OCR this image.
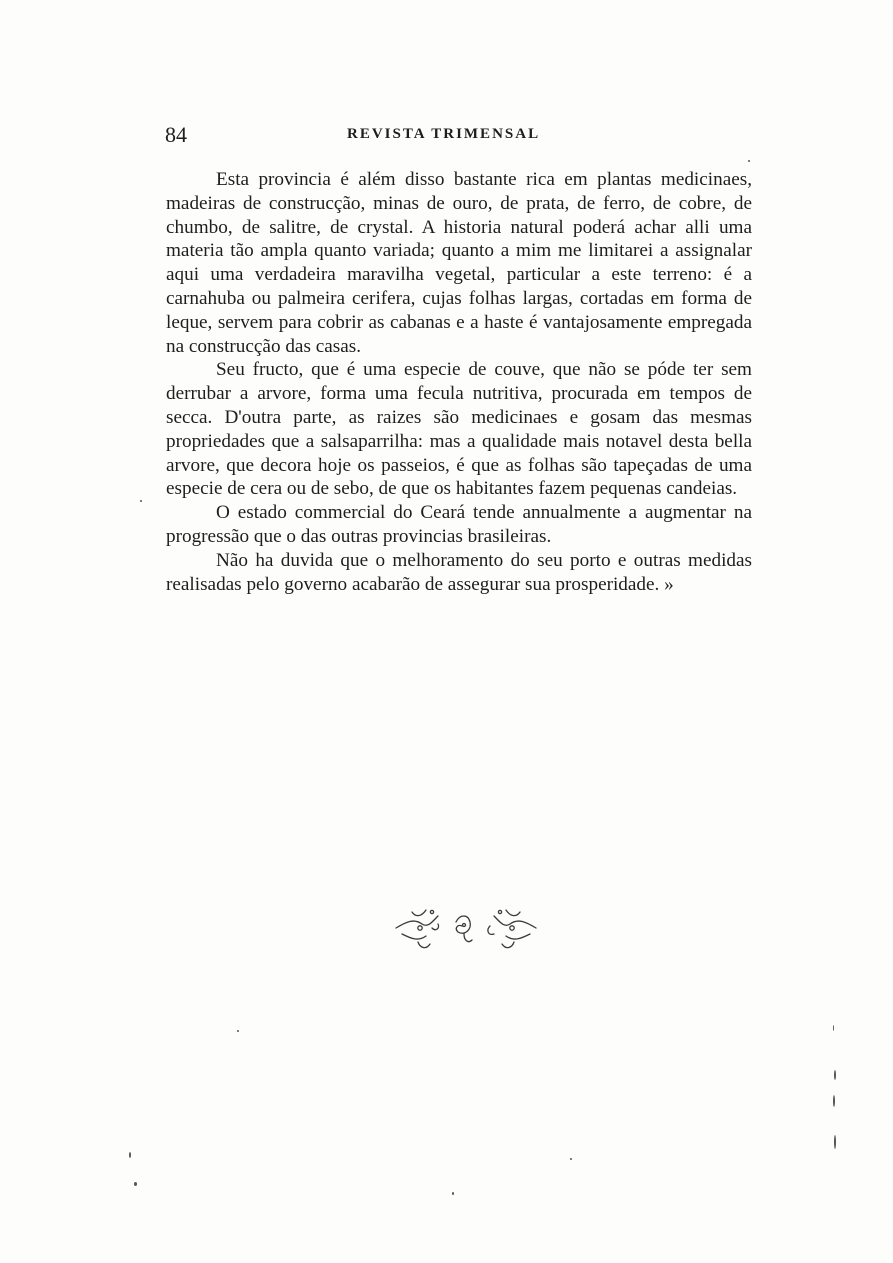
84	REVISTA TRIMENSAL

Esta provincia é além disso bastante rica em plantas medicinaes, madeiras de construcção, minas de ouro, de prata, de ferro, de cobre, de chumbo, de salitre, de crystal. A historia natural poderá achar alli uma materia tão ampla quanto variada; quanto a mim me limitarei a assignalar aqui uma verdadeira maravilha vegetal, particular a este terreno: é a carnahuba ou palmeira cerifera, cujas folhas largas, cortadas em forma de leque, servem para cobrir as cabanas e a haste é vantajosamente empregada na construcção das casas.

Seu fructo, que é uma especie de couve, que não se póde ter sem derrubar a arvore, forma uma fecula nutritiva, procurada em tempos de secca. D'outra parte, as raizes são medicinaes e gosam das mesmas propriedades que a salsaparrilha: mas a qualidade mais notavel desta bella arvore, que decora hoje os passeios, é que as folhas são tapeçadas de uma especie de cera ou de sebo, de que os habitantes fazem pequenas candeias.

O estado commercial do Ceará tende annualmente a augmentar na progressão que o das outras provincias brasileiras.

Não ha duvida que o melhoramento do seu porto e outras medidas realisadas pelo governo acabarão de assegurar sua prosperidade. »
